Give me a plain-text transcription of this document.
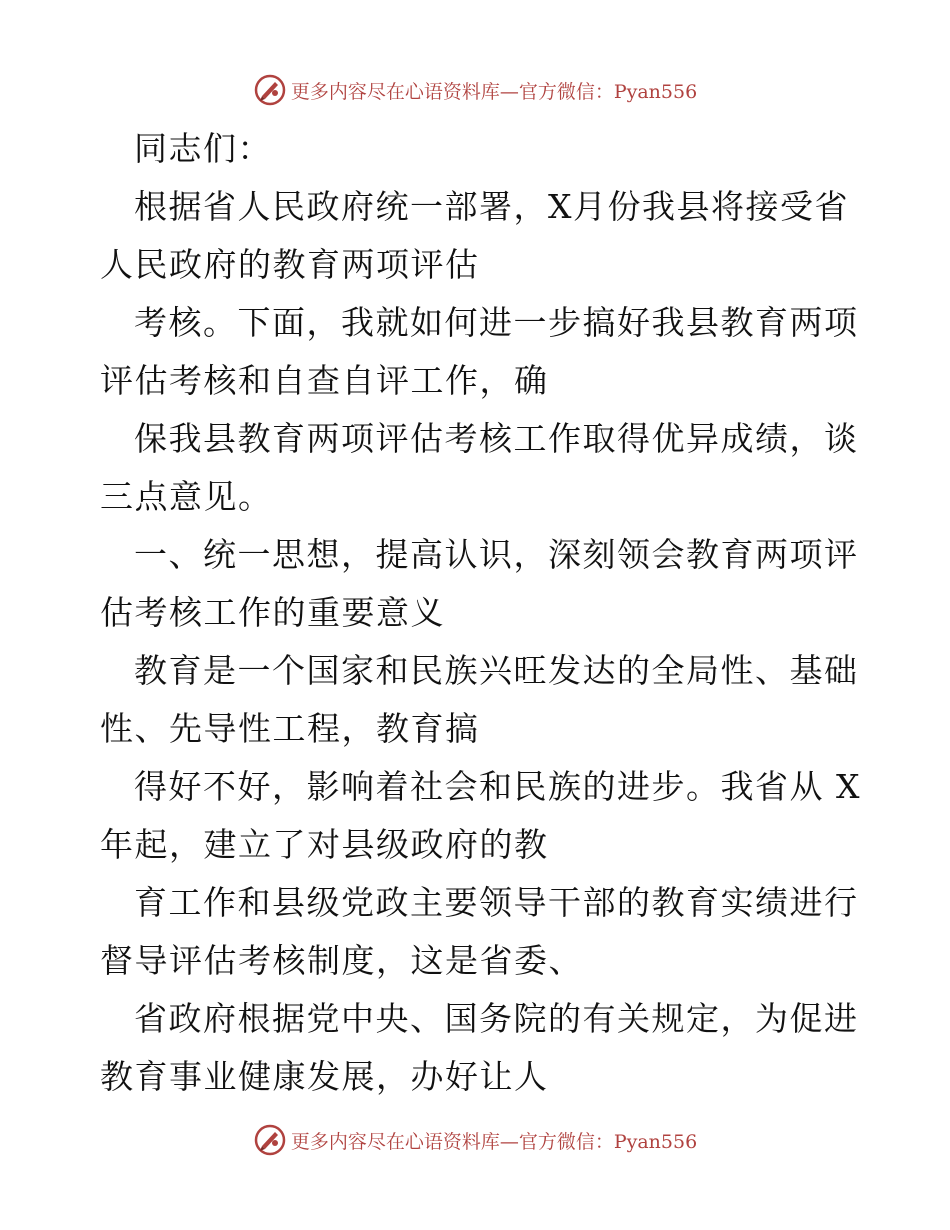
更多内容尽在心语资料库—官方微信：Pyan556
同志们：
根据省人民政府统一部署，X月份我县将接受省
人民政府的教育两项评估
考核。下面，我就如何进一步搞好我县教育两项
评估考核和自查自评工作，确
保我县教育两项评估考核工作取得优异成绩，谈
三点意见。
一、统一思想，提高认识，深刻领会教育两项评
估考核工作的重要意义
教育是一个国家和民族兴旺发达的全局性、基础
性、先导性工程，教育搞
得好不好，影响着社会和民族的进步。我省从 X
年起，建立了对县级政府的教
育工作和县级党政主要领导干部的教育实绩进行
督导评估考核制度，这是省委、
省政府根据党中央、国务院的有关规定，为促进
教育事业健康发展，办好让人
更多内容尽在心语资料库—官方微信：Pyan556
